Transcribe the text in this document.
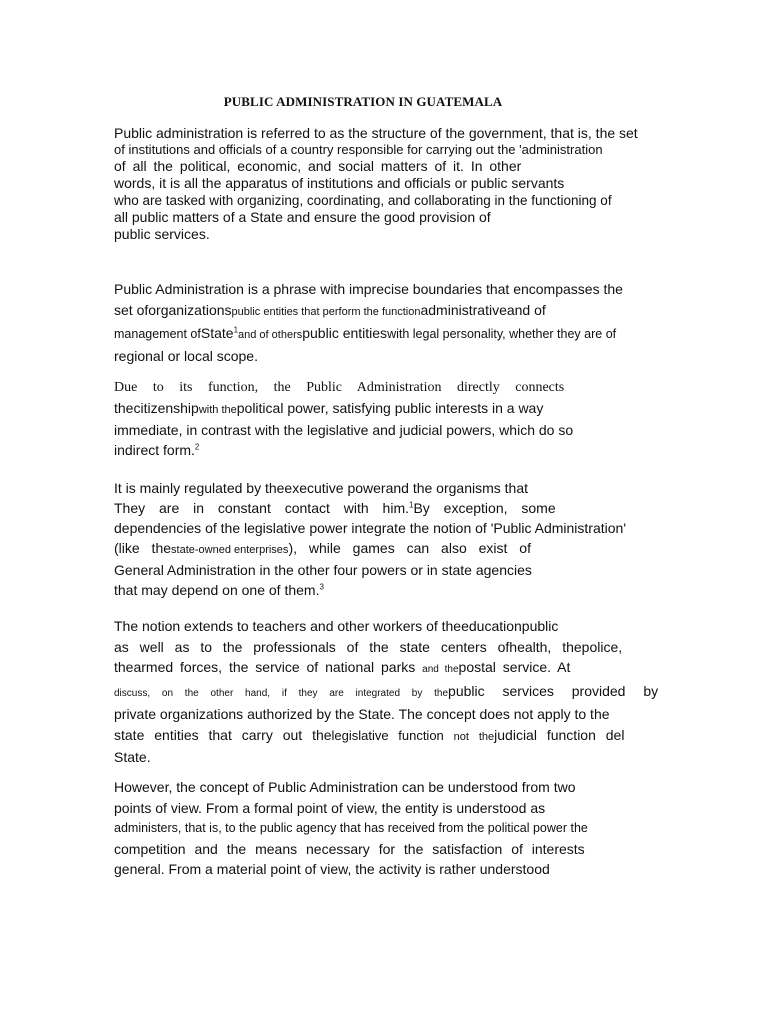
PUBLIC ADMINISTRATION IN GUATEMALA
Public administration is referred to as the structure of the government, that is, the set
of institutions and officials of a country responsible for carrying out the 'administration
of all the political, economic, and social matters of it. In other
words, it is all the apparatus of institutions and officials or public servants
who are tasked with organizing, coordinating, and collaborating in the functioning of
all public matters of a State and ensure the good provision of
public services.
Public Administration is a phrase with imprecise boundaries that encompasses the
set oforganizationspublic entities that perform the functionadministrativeand of
management ofState$^1$and of otherspublic entitieswith legal personality, whether they are of
regional or local scope.
Due to its function, the Public Administration directly connects
thecitizenshipwith thepolitical power, satisfying public interests in a way
immediate, in contrast with the legislative and judicial powers, which do so
indirect form.$^2$
It is mainly regulated by theexecutive powerand the organisms that
They are in constant contact with him.$^1$By exception, some
dependencies of the legislative power integrate the notion of 'Public Administration'
(like thestate-owned enterprises), while games can also exist of
General Administration in the other four powers or in state agencies
that may depend on one of them.$^3$
The notion extends to teachers and other workers of theeducationpublic
as well as to the professionals of the state centers ofhealth, thepolice,
thearmed forces, the service of national parks and thepostal service. At
discuss, on the other hand, if they are integrated by thepublic services provided by
private organizations authorized by the State. The concept does not apply to the
state entities that carry out thelegislative function not thejudicial function del
State.
However, the concept of Public Administration can be understood from two
points of view. From a formal point of view, the entity is understood as
administers, that is, to the public agency that has received from the political power the
competition and the means necessary for the satisfaction of interests
general. From a material point of view, the activity is rather understood
